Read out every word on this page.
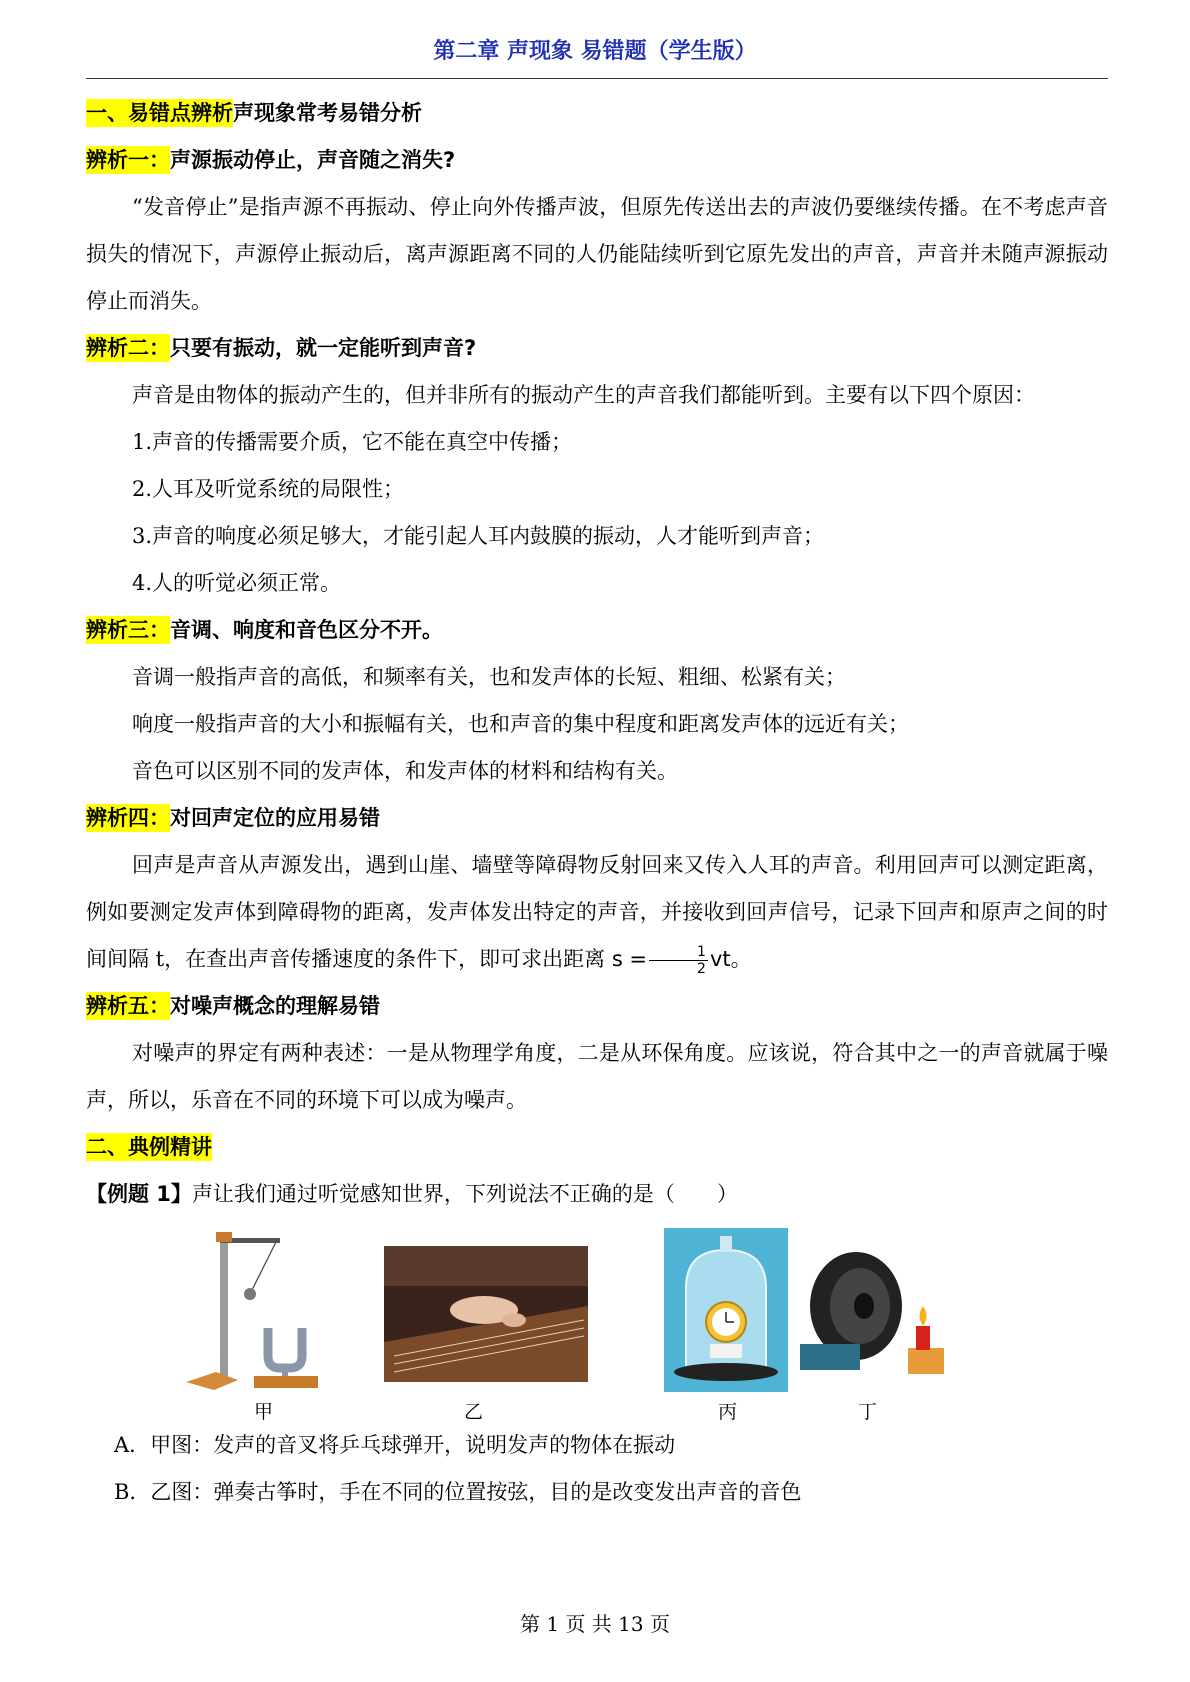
第二章 声现象 易错题（学生版）

一、易错点辨析声现象常考易错分析

辨析一：声源振动停止，声音随之消失?

“发音停止”是指声源不再振动、停止向外传播声波，但原先传送出去的声波仍要继续传播。在不考虑声音损失的情况下，声源停止振动后，离声源距离不同的人仍能陆续听到它原先发出的声音，声音并未随声源振动停止而消失。

辨析二：只要有振动，就一定能听到声音?

声音是由物体的振动产生的，但并非所有的振动产生的声音我们都能听到。主要有以下四个原因：

1.声音的传播需要介质，它不能在真空中传播；

2.人耳及听觉系统的局限性；

3.声音的响度必须足够大，才能引起人耳内鼓膜的振动，人才能听到声音；

4.人的听觉必须正常。

辨析三：音调、响度和音色区分不开。

音调一般指声音的高低，和频率有关，也和发声体的长短、粗细、松紧有关；

响度一般指声音的大小和振幅有关，也和声音的集中程度和距离发声体的远近有关；

音色可以区别不同的发声体，和发声体的材料和结构有关。

辨析四：对回声定位的应用易错

回声是声音从声源发出，遇到山崖、墙壁等障碍物反射回来又传入人耳的声音。利用回声可以测定距离，例如要测定发声体到障碍物的距离，发声体发出特定的声音，并接收到回声信号，记录下回声和原声之间的时间间隔 t，在查出声音传播速度的条件下，即可求出距离 $s = \frac{1}{2}$ vt。

辨析五：对噪声概念的理解易错

对噪声的界定有两种表述：一是从物理学角度，二是从环保角度。应该说，符合其中之一的声音就属于噪声，所以，乐音在不同的环境下可以成为噪声。

二、典例精讲

【例题 1】声让我们通过听觉感知世界，下列说法不正确的是（　　）

甲	乙	丙	丁

A．甲图：发声的音叉将乒乓球弹开，说明发声的物体在振动

B．乙图：弹奏古筝时，手在不同的位置按弦，目的是改变发出声音的音色

第 1 页 共 13 页
